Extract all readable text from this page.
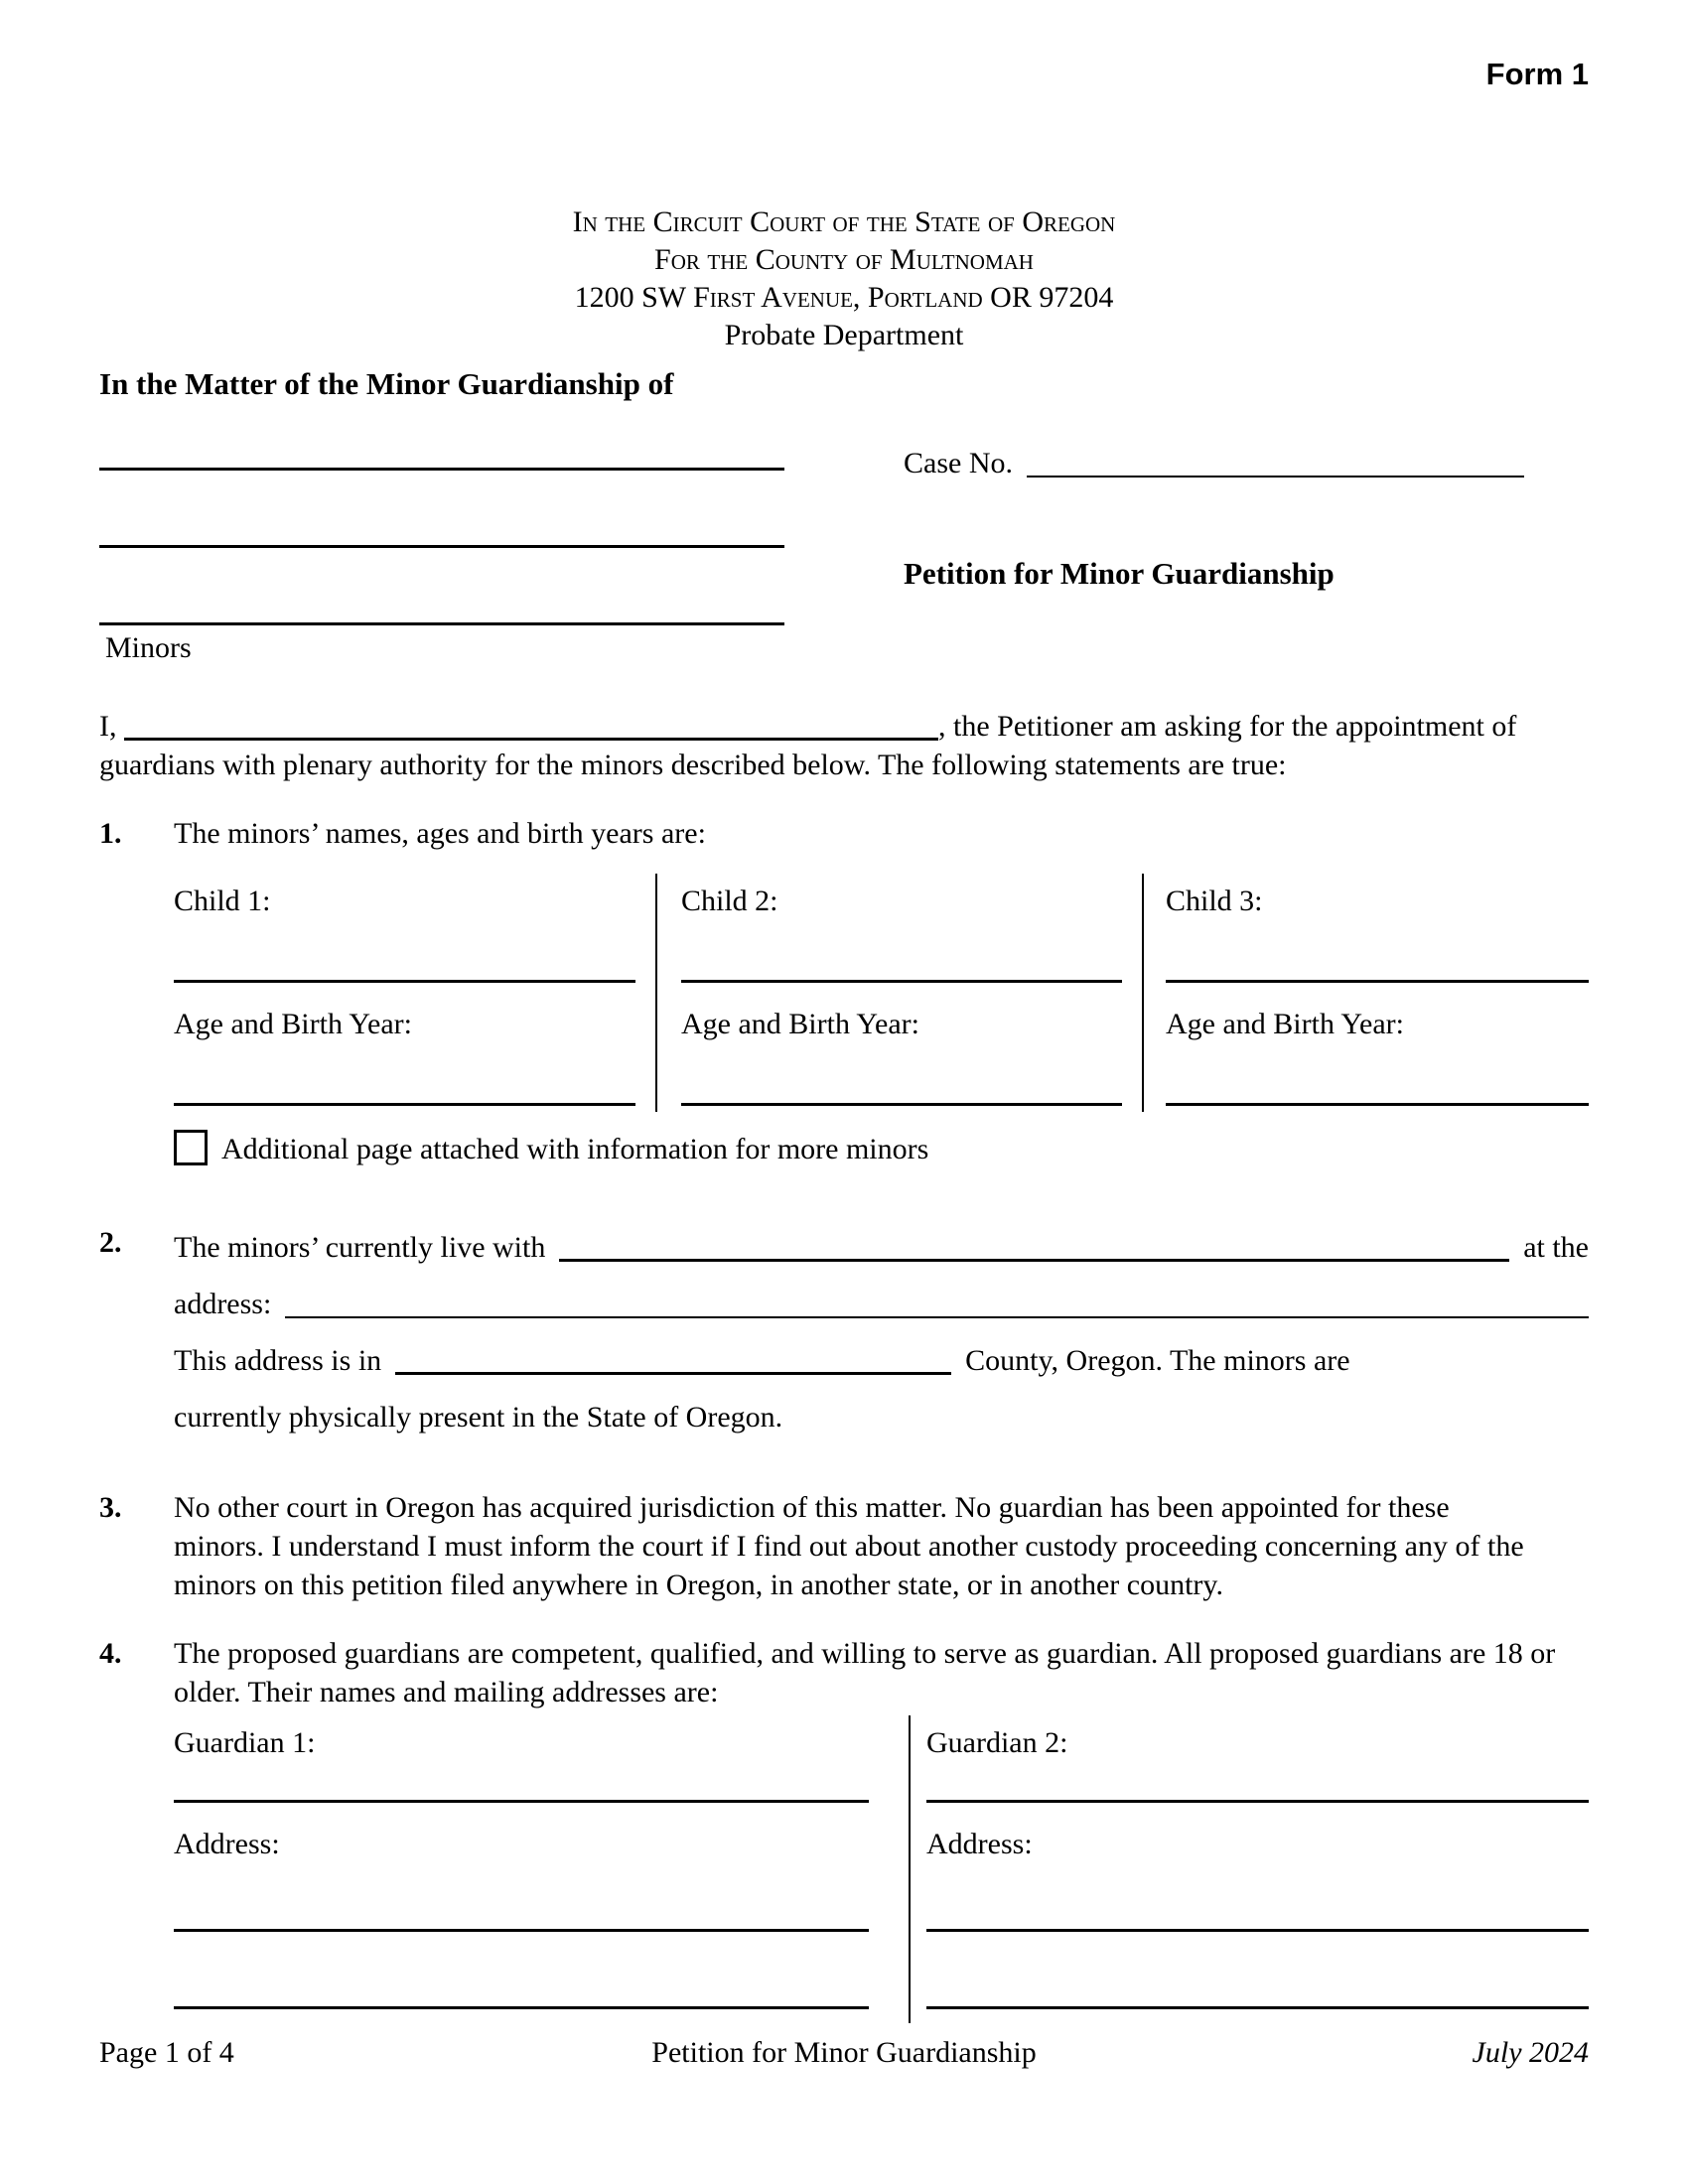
Form 1
In the Circuit Court of the State of Oregon
For the County of Multnomah
1200 SW First Avenue, Portland OR 97204
Probate Department
In the Matter of the Minor Guardianship of
Minors
Case No.
Petition for Minor Guardianship

I,	, the Petitioner am asking for the appointment of guardians with plenary authority for the minors described below. The following statements are true:

1.	The minors’ names, ages and birth years are:
Child 1:
Age and Birth Year:
Child 2:
Age and Birth Year:
Child 3:
Age and Birth Year:
Additional page attached with information for more minors
2.	The minors’ currently live with	at the
address:
This address is in	County, Oregon. The minors are
currently physically present in the State of Oregon.
3.	No other court in Oregon has acquired jurisdiction of this matter. No guardian has been appointed for these minors. I understand I must inform the court if I find out about another custody proceeding concerning any of the minors on this petition filed anywhere in Oregon, in another state, or in another country.
4.	The proposed guardians are competent, qualified, and willing to serve as guardian. All proposed guardians are 18 or older. Their names and mailing addresses are:
Guardian 1:
Address:
Guardian 2:
Address:
Page 1 of 4	Petition for Minor Guardianship	July 2024
